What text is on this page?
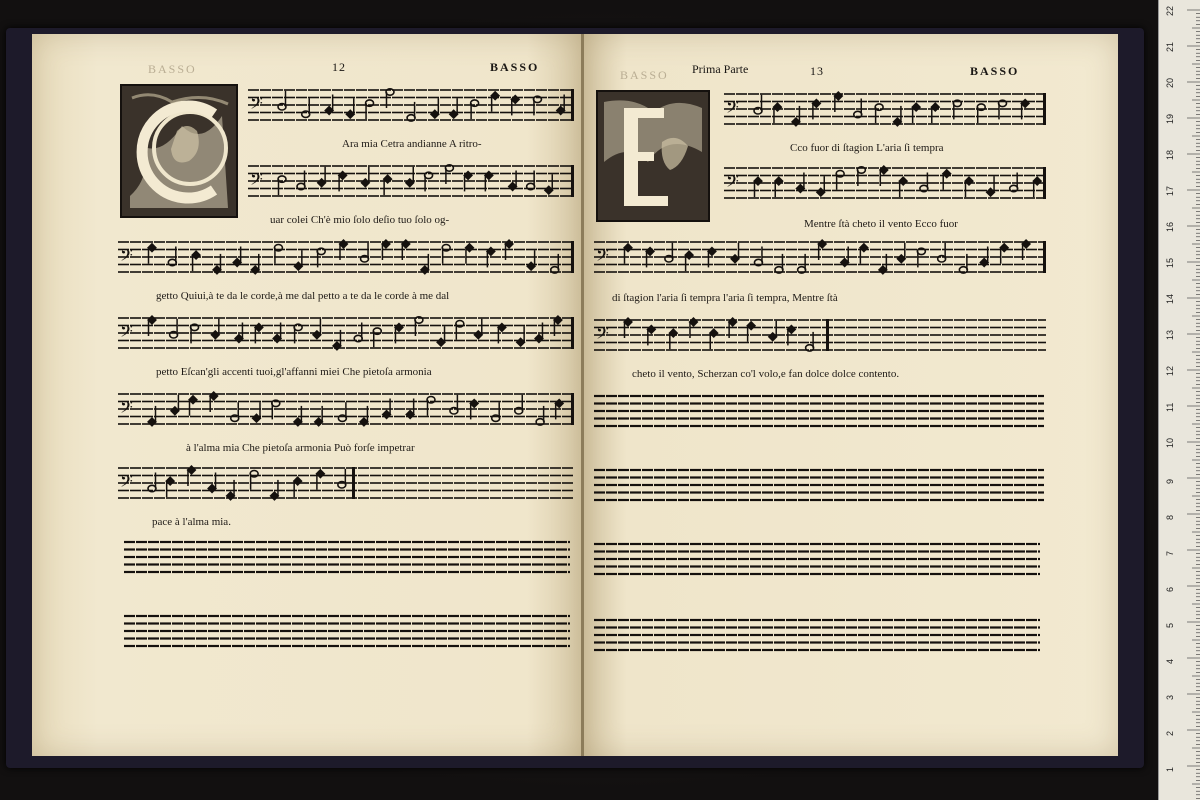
BASSO	12	BASSO
BASSO Prima Parte	13	BASSO
𝄢
Ara mia Cetra andianne A ritro-
𝄢
uar colei Ch'è mio ſolo deſio tuo ſolo og-
𝄢
getto Quiui,à te da le corde,à me dal petto a te da le corde à me dal
𝄢
petto Eſcan'gli accenti tuoi,gl'affanni miei Che pietoſa armonia
𝄢
à l'alma mia Che pietoſa armonia Può forſe impetrar
𝄢
pace à l'alma mia.
𝄢
Cco fuor di ſtagion L'aria ſi tempra
𝄢
Mentre ſtà cheto il vento Ecco fuor
𝄢
di ſtagion l'aria ſi tempra l'aria ſi tempra, Mentre ſtà
𝄢
cheto il vento, Scherzan co'l volo,e fan dolce dolce contento.
22
21
20
19
18
17
16
15
14
13
12
11
10
9
8
7
6
5
4
3
2
1
